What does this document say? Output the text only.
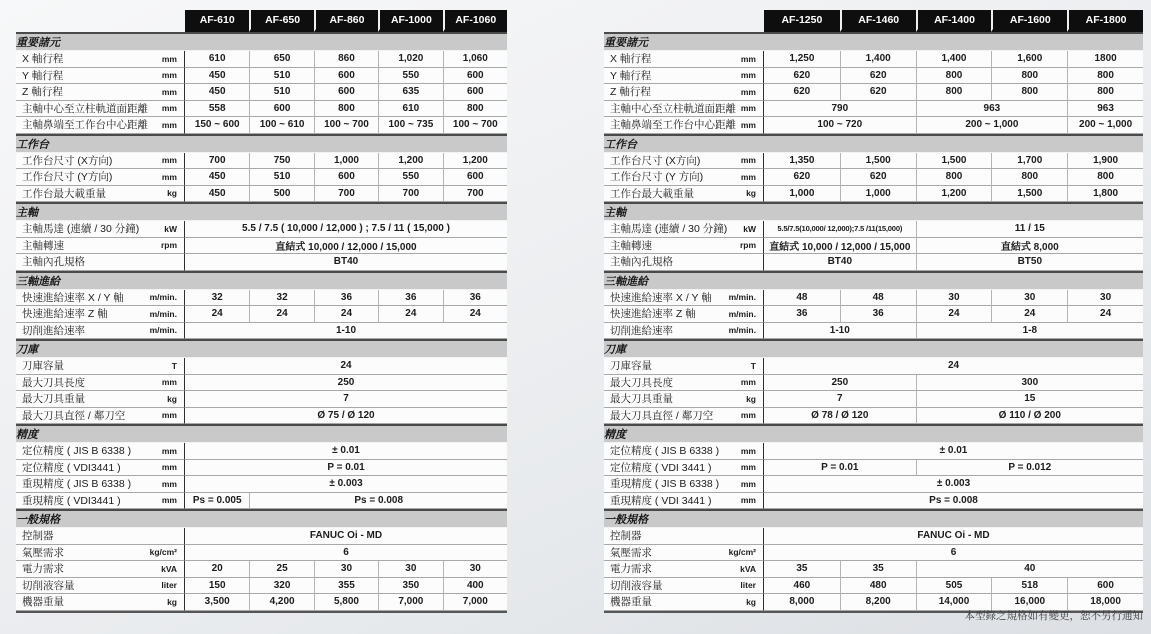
	AF-610	AF-650	AF-860	AF-1000	AF-1060
重要諸元					

X 軸行程 mm	610	650	860	1,020	1,060

Y 軸行程 mm	450	510	600	550	600

Z 軸行程 mm	450	510	600	635	600

主軸中心至立柱軌道面距離 mm	558	600	800	610	800

主軸鼻端至工作台中心距離 mm	150 ~ 600	100 ~ 610	100 ~ 700	100 ~ 735	100 ~ 700
工作台					

工作台尺寸 (X方向) mm	700	750	1,000	1,200	1,200

工作台尺寸 (Y方向) mm	450	510	600	550	600

工作台最大載重量 kg	450	500	700	700	700
主軸					

主軸馬達 (連續 / 30 分鐘) kW	5.5 / 7.5 ( 10,000 / 12,000 ) ; 7.5 / 11 ( 15,000 )				

主軸轉速 rpm	直結式 10,000 / 12,000 / 15,000				

主軸內孔規格	BT40				
三軸進給					

快速進給速率 X / Y 軸 m/min.	32	32	36	36	36

快速進給速率 Z 軸 m/min.	24	24	24	24	24

切削進給速率 m/min.	1-10				
刀庫					

刀庫容量 T	24				

最大刀具長度 mm	250				

最大刀具重量 kg	7				

最大刀具直徑 / 鄰刀空 mm	Ø 75 / Ø 120				
精度					

定位精度 ( JIS B 6338 ) mm	± 0.01				

定位精度 ( VDI3441 ) mm	P = 0.01				

重現精度 ( JIS B 6338 ) mm	± 0.003				

重現精度 ( VDI3441 ) mm	Ps = 0.005	Ps = 0.008			
一般規格					

控制器	FANUC Oi - MD				

氣壓需求 kg/cm²	6				

電力需求 kVA	20	25	30	30	30

切削液容量 liter	150	320	355	350	400

機器重量 kg	3,500	4,200	5,800	7,000	7,000
	AF-1250	AF-1460	AF-1400	AF-1600	AF-1800
重要諸元					

X 軸行程 mm	1,250	1,400	1,400	1,600	1800

Y 軸行程 mm	620	620	800	800	800

Z 軸行程 mm	620	620	800	800	800

主軸中心至立柱軌道面距離 mm	790		963		963

主軸鼻端至工作台中心距離 mm	100 ~ 720		200 ~ 1,000		200 ~ 1,000
工作台					

工作台尺寸 (X方向) mm	1,350	1,500	1,500	1,700	1,900

工作台尺寸 (Y 方向) mm	620	620	800	800	800

工作台最大載重量 kg	1,000	1,000	1,200	1,500	1,800
主軸					

主軸馬達 (連續 / 30 分鐘) kW	5.5/7.5(10,000/ 12,000);7.5 /11(15,000)		11 / 15		

主軸轉速 rpm	直結式 10,000 / 12,000 / 15,000		直結式 8,000		

主軸內孔規格	BT40		BT50		
三軸進給					

快速進給速率 X / Y 軸 m/min.	48	48	30	30	30

快速進給速率 Z 軸 m/min.	36	36	24	24	24

切削進給速率 m/min.	1-10		1-8		
刀庫					

刀庫容量 T	24				

最大刀具長度 mm	250		300		

最大刀具重量 kg	7		15		

最大刀具直徑 / 鄰刀空 mm	Ø 78 / Ø 120		Ø 110 / Ø 200		
精度					

定位精度 ( JIS B 6338 ) mm	± 0.01				

定位精度 ( VDI 3441 ) mm	P = 0.01		P = 0.012		

重現精度 ( JIS B 6338 ) mm	± 0.003				

重現精度 ( VDI 3441 ) mm	Ps = 0.008				
一般規格					

控制器	FANUC Oi - MD				

氣壓需求 kg/cm²	6				

電力需求 kVA	35	35	40		

切削液容量 liter	460	480	505	518	600

機器重量 kg	8,000	8,200	14,000	16,000	18,000
本型錄之規格如有變更，恕不另行通知
